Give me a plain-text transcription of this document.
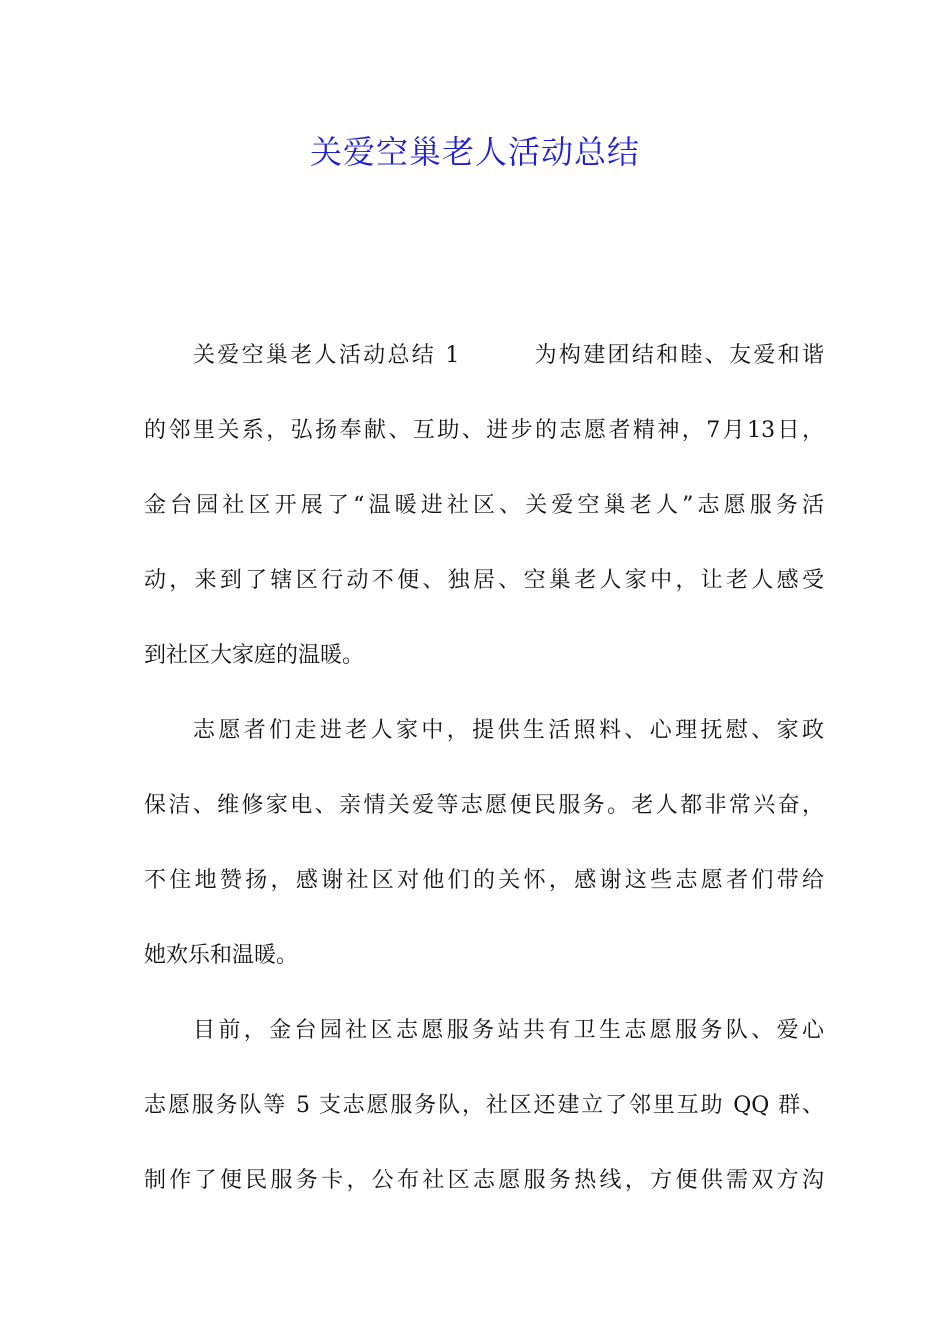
关爱空巢老人活动总结
关爱空巢老人活动总结 1　　　为构建团结和睦、友爱和谐
的邻里关系，弘扬奉献、互助、进步的志愿者精神，7月13日，
金台园社区开展了“温暖进社区、关爱空巢老人”志愿服务活
动，来到了辖区行动不便、独居、空巢老人家中，让老人感受
到社区大家庭的温暖。
志愿者们走进老人家中，提供生活照料、心理抚慰、家政
保洁、维修家电、亲情关爱等志愿便民服务。老人都非常兴奋，
不住地赞扬，感谢社区对他们的关怀，感谢这些志愿者们带给
她欢乐和温暖。
目前，金台园社区志愿服务站共有卫生志愿服务队、爱心
志愿服务队等 5 支志愿服务队，社区还建立了邻里互助 QQ 群、
制作了便民服务卡，公布社区志愿服务热线，方便供需双方沟
